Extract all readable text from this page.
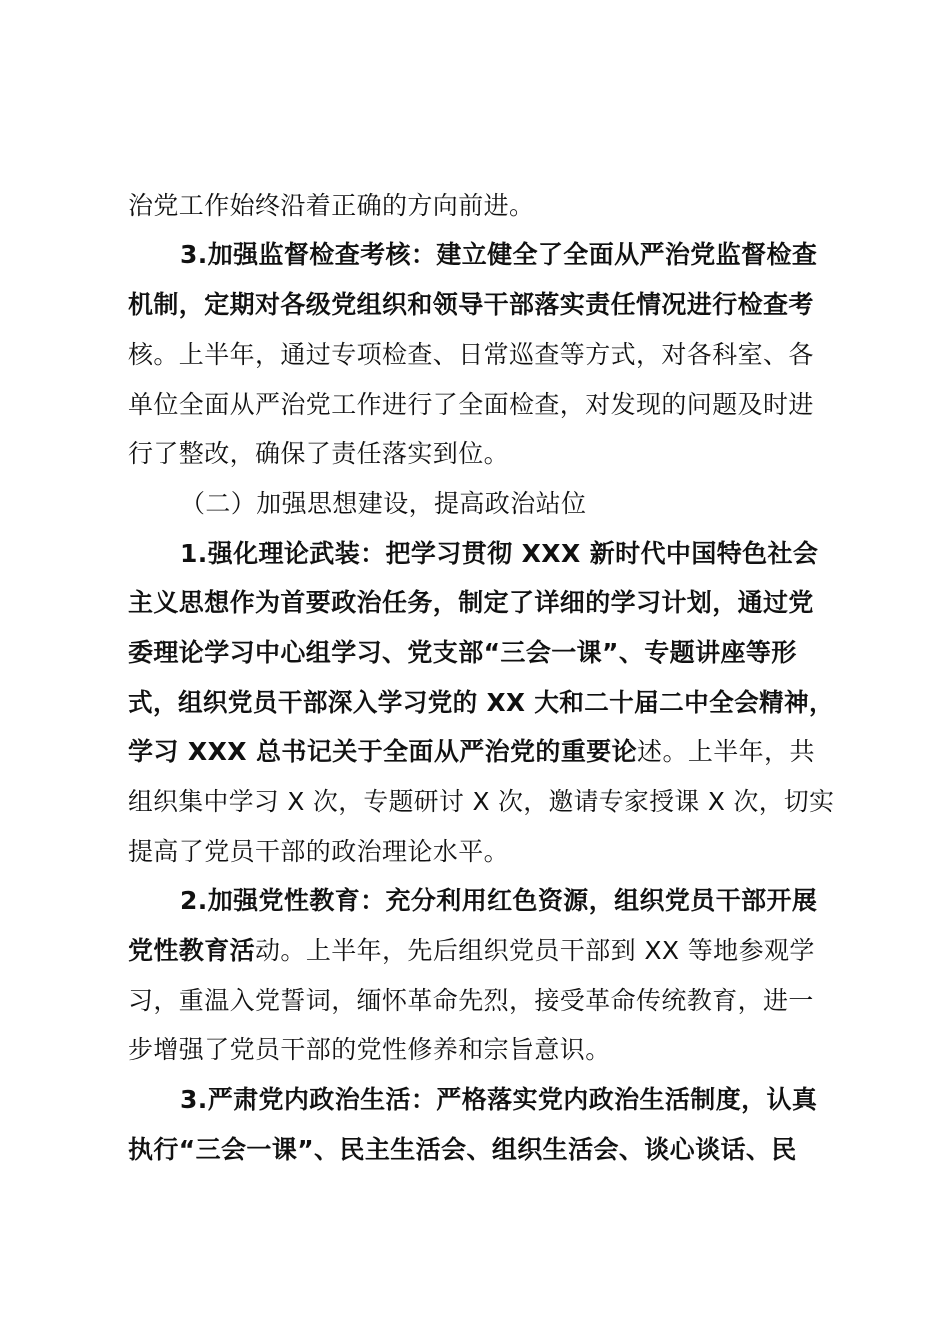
治党工作始终沿着正确的方向前进。
3.加强监督检查考核：建立健全了全面从严治党监督检查
机制，定期对各级党组织和领导干部落实责任情况进行检查考
核。上半年，通过专项检查、日常巡查等方式，对各科室、各
单位全面从严治党工作进行了全面检查，对发现的问题及时进
行了整改，确保了责任落实到位。
（二）加强思想建设，提高政治站位
1.强化理论武装：把学习贯彻 XXX 新时代中国特色社会
主义思想作为首要政治任务，制定了详细的学习计划，通过党
委理论学习中心组学习、党支部“三会一课”、专题讲座等形
式，组织党员干部深入学习党的 XX 大和二十届二中全会精神，
学习 XXX 总书记关于全面从严治党的重要论述。上半年，共
组织集中学习 X 次，专题研讨 X 次，邀请专家授课 X 次，切实
提高了党员干部的政治理论水平。
2.加强党性教育：充分利用红色资源，组织党员干部开展
党性教育活动。上半年，先后组织党员干部到 XX 等地参观学
习，重温入党誓词，缅怀革命先烈，接受革命传统教育，进一
步增强了党员干部的党性修养和宗旨意识。
3.严肃党内政治生活：严格落实党内政治生活制度，认真
执行“三会一课”、民主生活会、组织生活会、谈心谈话、民
